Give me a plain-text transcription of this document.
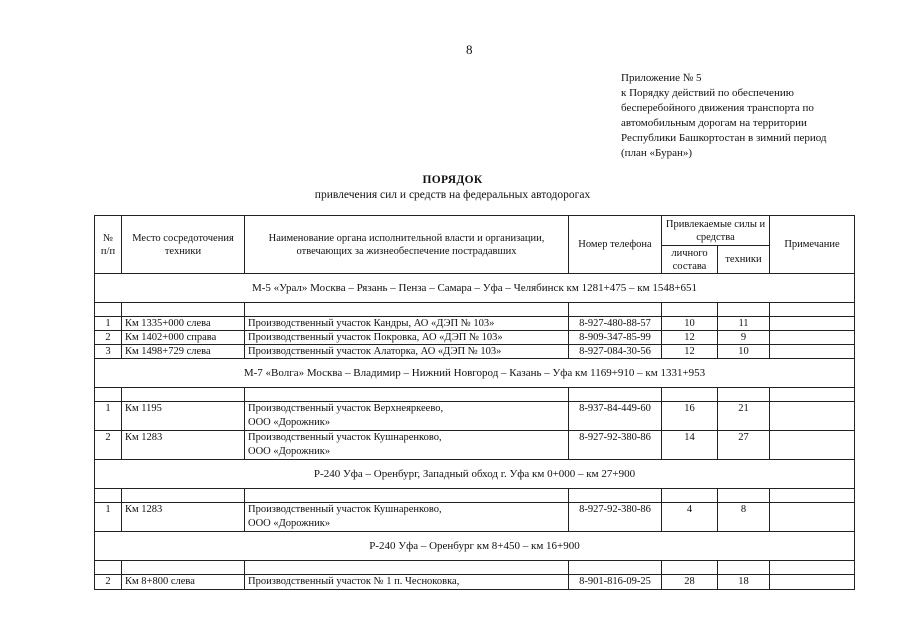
8
Приложение № 5
к Порядку действий по обеспечению
бесперебойного движения транспорта по
автомобильным дорогам на территории
Республики Башкортостан в зимний период
(план «Буран»)
ПОРЯДОК
привлечения сил и средств на федеральных автодорогах
№ п/п	Место сосредоточения техники	Наименование органа исполнительной власти и организации, отвечающих за жизнеобеспечение пострадавших	Номер телефона	Привлекаемые силы и средства		Примечание
				личного состава	техники	
М-5 «Урал» Москва – Рязань – Пенза – Самара – Уфа – Челябинск км 1281+475 – км 1548+651						

1	Км 1335+000 слева	Производственный участок Кандры, АО «ДЭП № 103»	8-927-480-88-57	10	11	
2	Км 1402+000 справа	Производственный участок Покровка, АО «ДЭП № 103»	8-909-347-85-99	12	9	
3	Км 1498+729 слева	Производственный участок Алаторка, АО «ДЭП № 103»	8-927-084-30-56	12	10	
М-7 «Волга» Москва – Владимир – Нижний Новгород – Казань – Уфа км 1169+910 – км 1331+953						

1	Км 1195	Производственный участок Верхнеяркеево,
ООО «Дорожник»	8-937-84-449-60	16	21	
2	Км 1283	Производственный участок Кушнаренково,
ООО «Дорожник»	8-927-92-380-86	14	27	
Р-240 Уфа – Оренбург, Западный обход г. Уфа км 0+000 – км 27+900						

1	Км 1283	Производственный участок Кушнаренково,
ООО «Дорожник»	8-927-92-380-86	4	8	
Р-240 Уфа – Оренбург км 8+450 – км 16+900						

2	Км 8+800 слева	Производственный участок № 1 п. Чесноковка,	8-901-816-09-25	28	18	
